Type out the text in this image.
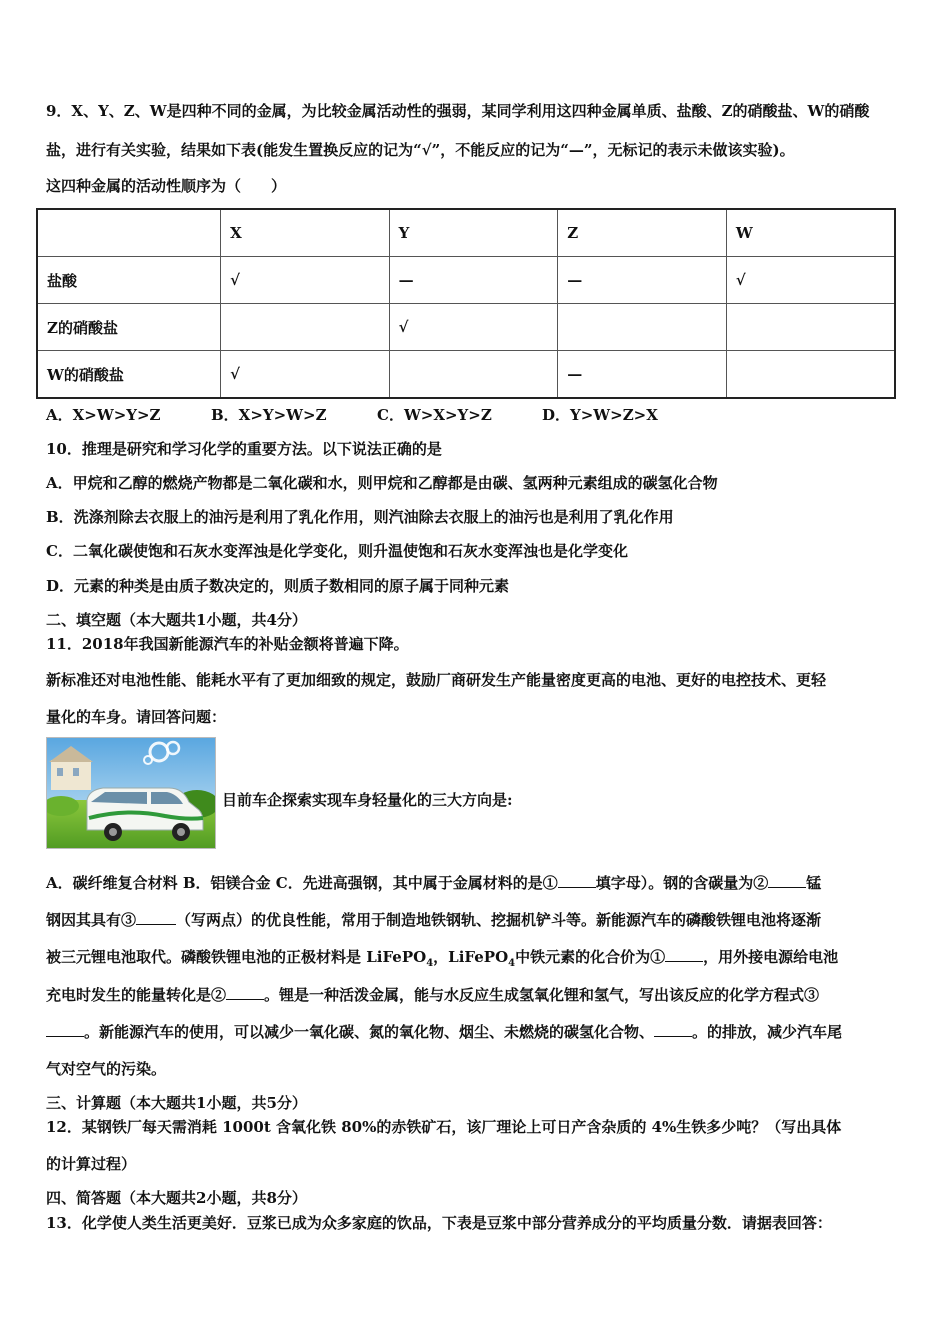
9．X、Y、Z、W是四种不同的金属，为比较金属活动性的强弱，某同学利用这四种金属单质、盐酸、Z的硝酸盐、W的硝酸
盐，进行有关实验，结果如下表(能发生置换反应的记为“√”，不能反应的记为“—”，无标记的表示未做该实验)。
这四种金属的活动性顺序为（　　）
	X	Y	Z	W
盐酸	√	—	—	√
Z的硝酸盐		√		
W的硝酸盐	√		—	
A．X>W>Y>Z	B．X>Y>W>Z	C．W>X>Y>Z	D．Y>W>Z>X
10．推理是研究和学习化学的重要方法。以下说法正确的是
A．甲烷和乙醇的燃烧产物都是二氧化碳和水，则甲烷和乙醇都是由碳、氢两种元素组成的碳氢化合物
B．洗涤剂除去衣服上的油污是利用了乳化作用，则汽油除去衣服上的油污也是利用了乳化作用
C．二氧化碳使饱和石灰水变浑浊是化学变化，则升温使饱和石灰水变浑浊也是化学变化
D．元素的种类是由质子数决定的，则质子数相同的原子属于同种元素
二、填空题（本大题共1小题，共4分）
11．2018年我国新能源汽车的补贴金额将普遍下降。
新标准还对电池性能、能耗水平有了更加细致的规定，鼓励厂商研发生产能量密度更高的电池、更好的电控技术、更轻
量化的车身。请回答问题：
目前车企探索实现车身轻量化的三大方向是:
A．碳纤维复合材料 B．铝镁合金 C．先进高强钢，其中属于金属材料的是①	填字母）。钢的含碳量为②	锰
钢因其具有③	（写两点）的优良性能，常用于制造地铁钢轨、挖掘机铲斗等。新能源汽车的磷酸铁锂电池将逐渐
被三元锂电池取代。磷酸铁锂电池的正极材料是 LiFePO$_4$，LiFePO$_4$中铁元素的化合价为①	，用外接电源给电池
充电时发生的能量转化是②	。锂是一种活泼金属，能与水反应生成氢氧化锂和氢气，写出该反应的化学方程式③
。新能源汽车的使用，可以减少一氧化碳、氮的氧化物、烟尘、未燃烧的碳氢化合物、	。的排放，减少汽车尾
气对空气的污染。
三、计算题（本大题共1小题，共5分）
12．某钢铁厂每天需消耗 1000t 含氧化铁 80%的赤铁矿石，该厂理论上可日产含杂质的 4%生铁多少吨？（写出具体
的计算过程）
四、简答题（本大题共2小题，共8分）
13．化学使人类生活更美好．豆浆已成为众多家庭的饮品，下表是豆浆中部分营养成分的平均质量分数．请据表回答：
